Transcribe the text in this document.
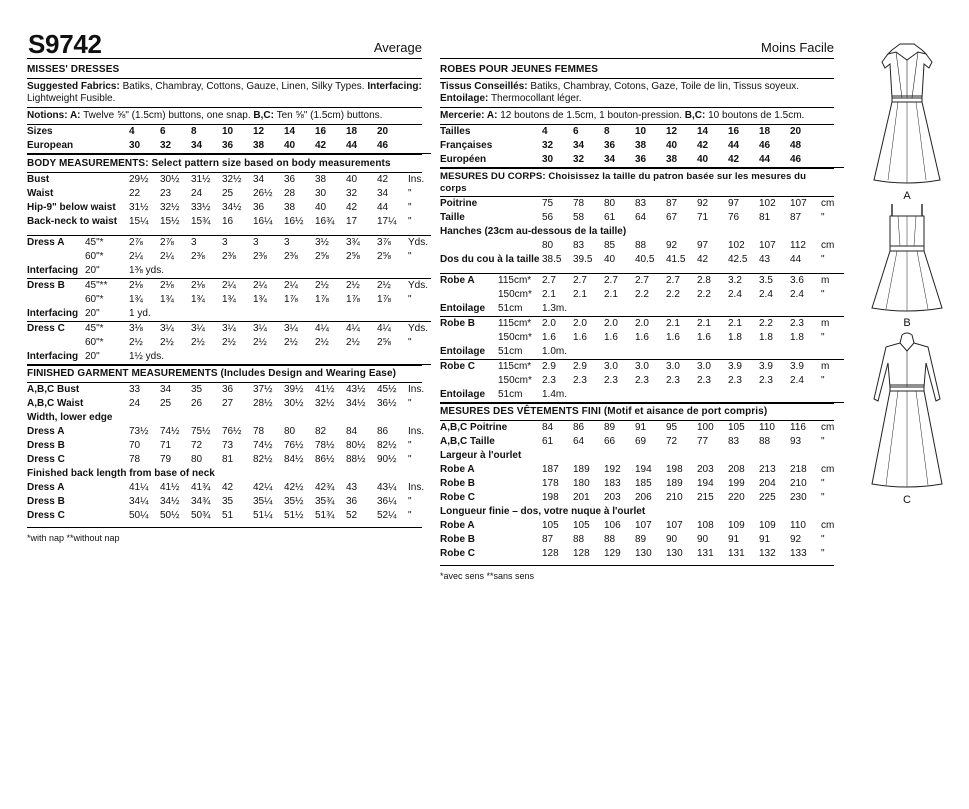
S9742	Average
MISSES' DRESSES
Suggested Fabrics: Batiks, Chambray, Cottons, Gauze, Linen, Silky Types. Interfacing: Lightweight Fusible.
Notions: A: Twelve ⅝" (1.5cm) buttons, one snap. B,C: Ten ⅝" (1.5cm) buttons.
Sizes	4	6	8	10	12	14	16	18	20	
European	30	32	34	36	38	40	42	44	46	
BODY MEASUREMENTS: Select pattern size based on body measurements
Bust	29½	30½	31½	32½	34	36	38	40	42	Ins.
Waist	22	23	24	25	26½	28	30	32	34	"
Hip-9" below waist	31½	32½	33½	34½	36	38	40	42	44	"
Back-neck to waist	15¼	15½	15¾	16	16¼	16½	16¾	17	17¼	"
Dress A	45"*	2⅞	2⅞	3	3	3	3	3½	3¾	3⅞	Yds.
	60"*	2¼	2¼	2⅜	2⅜	2⅜	2⅜	2⅝	2⅝	2⅝	"
Interfacing	20"	1⅜ yds.									
Dress B	45"**	2⅛	2⅛	2⅛	2¼	2¼	2¼	2½	2½	2½	Yds.
	60"*	1¾	1¾	1¾	1¾	1¾	1⅞	1⅞	1⅞	1⅞	"
Interfacing	20"	1 yd.									
Dress C	45"*	3⅛	3¼	3¼	3¼	3¼	3¼	4¼	4¼	4¼	Yds.
	60"*	2½	2½	2½	2½	2½	2½	2½	2½	2⅝	"
Interfacing	20"	1½ yds.									
FINISHED GARMENT MEASUREMENTS (Includes Design and Wearing Ease)
A,B,C Bust	33	34	35	36	37½	39½	41½	43½	45½	Ins.
A,B,C Waist	24	25	26	27	28½	30½	32½	34½	36½	"
Width, lower edge
Dress A	73½	74½	75½	76½	78	80	82	84	86	Ins.
Dress B	70	71	72	73	74½	76½	78½	80½	82½	"
Dress C	78	79	80	81	82½	84½	86½	88½	90½	"
Finished back length from base of neck
Dress A	41¼	41½	41¾	42	42¼	42½	42¾	43	43¼	Ins.
Dress B	34¼	34½	34¾	35	35¼	35½	35¾	36	36¼	"
Dress C	50¼	50½	50¾	51	51¼	51½	51¾	52	52¼	"
*with nap **without nap
Moins Facile
ROBES POUR JEUNES FEMMES
Tissus Conseillés: Batiks, Chambray, Cotons, Gaze, Toile de lin, Tissus soyeux. Entoilage: Thermocollant léger.
Mercerie: A: 12 boutons de 1.5cm, 1 bouton-pression. B,C: 10 boutons de 1.5cm.
Tailles	4	6	8	10	12	14	16	18	20	
Françaises	32	34	36	38	40	42	44	46	48	
Européen	30	32	34	36	38	40	42	44	46	
MESURES DU CORPS: Choisissez la taille du patron basée sur les mesures du corps
Poitrine	75	78	80	83	87	92	97	102	107	cm
Taille	56	58	61	64	67	71	76	81	87	"
Hanches (23cm au-dessous de la taille)
	80	83	85	88	92	97	102	107	112	cm
Dos du cou à la taille	38.5	39.5	40	40.5	41.5	42	42.5	43	44	"
Robe A	115cm*	2.7	2.7	2.7	2.7	2.7	2.8	3.2	3.5	3.6	m
	150cm*	2.1	2.1	2.1	2.2	2.2	2.2	2.4	2.4	2.4	"
Entoilage	51cm	1.3m.									
Robe B	115cm*	2.0	2.0	2.0	2.0	2.1	2.1	2.1	2.2	2.3	m
	150cm*	1.6	1.6	1.6	1.6	1.6	1.6	1.8	1.8	1.8	"
Entoilage	51cm	1.0m.									
Robe C	115cm*	2.9	2.9	3.0	3.0	3.0	3.0	3.9	3.9	3.9	m
	150cm*	2.3	2.3	2.3	2.3	2.3	2.3	2.3	2.3	2.4	"
Entoilage	51cm	1.4m.									
MESURES DES VÊTEMENTS FINI (Motif et aisance de port compris)
A,B,C Poitrine	84	86	89	91	95	100	105	110	116	cm
A,B,C Taille	61	64	66	69	72	77	83	88	93	"
Largeur à l'ourlet
Robe A	187	189	192	194	198	203	208	213	218	cm
Robe B	178	180	183	185	189	194	199	204	210	"
Robe C	198	201	203	206	210	215	220	225	230	"
Longueur finie – dos, votre nuque à l'ourlet
Robe A	105	105	106	107	107	108	109	109	110	cm
Robe B	87	88	88	89	90	90	91	91	92	"
Robe C	128	128	129	130	130	131	131	132	133	"
*avec sens **sans sens
A
B
C
